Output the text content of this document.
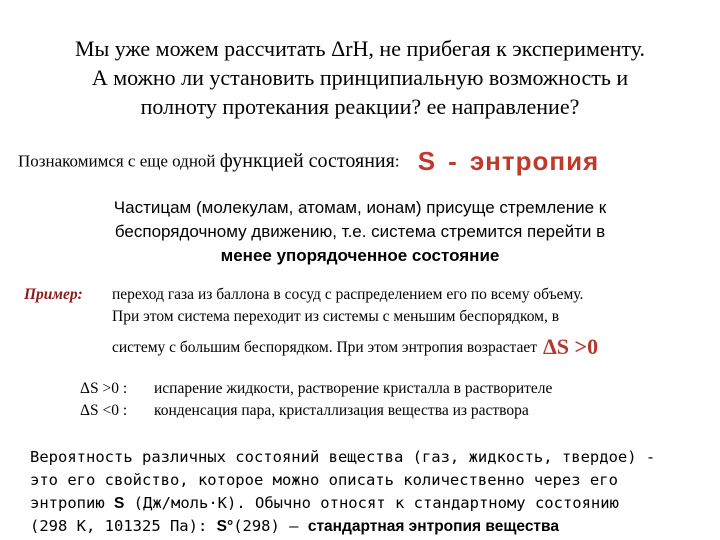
Мы уже можем рассчитать ΔrH, не прибегая к эксперименту.
А можно ли установить принципиальную возможность и
полноту протекания реакции? ее направление?
Познакомимся с еще одной функцией состояния: S - энтропия
Частицам (молекулам, атомам, ионам) присуще стремление к
беспорядочному движению, т.е. система стремится перейти в
менее упорядоченное состояние
Пример: переход газа из баллона в сосуд с распределением его по всему объему.
При этом система переходит из системы с меньшим беспорядком, в
систему с большим беспорядком. При этом энтропия возрастает ΔS >0
ΔS >0 : испарение жидкости, растворение кристалла в растворителе
ΔS <0 : конденсация пара, кристаллизация вещества из раствора
Вероятность различных состояний вещества (газ, жидкость, твердое) -
это его свойство, которое можно описать количественно через его
энтропию S (Дж/моль·К). Обычно относят к стандартному состоянию
(298 К, 101325 Па): S°(298) – стандартная энтропия вещества
